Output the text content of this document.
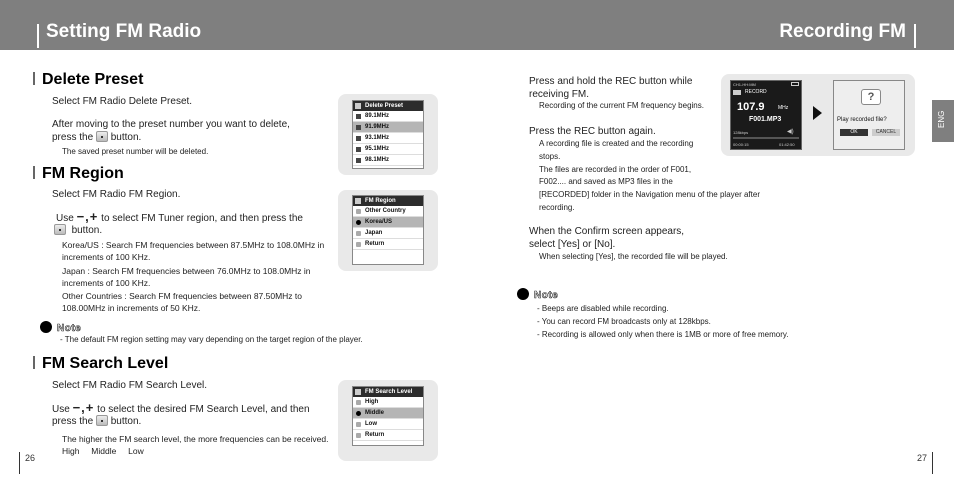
Setting FM Radio	Recording FM
Delete Preset
Select FM Radio Delete Preset.
After moving to the preset number you want to delete,
press the button.
The saved preset number will be deleted.
Delete Preset
89.1MHz
91.9MHz
93.1MHz
95.1MHz
98.1MHz
FM Region
Select FM Radio FM Region.
Use −,+ to select FM Tuner region, and then press the
button.
Korea/US : Search FM frequencies between 87.5MHz to 108.0MHz in
increments of 100 KHz.
Japan : Search FM frequencies between 76.0MHz to 108.0MHz in
increments of 100 KHz.
Other Countries : Search FM frequencies between 87.50MHz to
108.00MHz in increments of 50 KHz.
Note
- The default FM region setting may vary depending on the target region of the player.
FM Region
Other Country
Korea/US
Japan
Return
FM Search Level
Select FM Radio FM Search Level.
Use −,+ to select the desired FM Search Level, and then
press the button.
The higher the FM search level, the more frequencies can be received.
High     Middle     Low
FM Search Level
High
Middle
Low
Return
26
Press and hold the REC button while
receiving FM.
Recording of the current FM frequency begins.
Press the REC button again.
A recording file is created and the recording
stops.
The files are recorded in the order of F001,
F002.... and saved as MP3 files in the
[RECORDED] folder in the Navigation menu of the player after
recording.
When the Confirm screen appears,
select [Yes] or [No].
When selecting [Yes], the recorded file will be played.
Note
- Beeps are disabled while recording.
- You can record FM broadcasts only at 128kbps.
- Recording is allowed only when there is 1MB or more of free memory.
CH1-HH:MM
RECORD
107.9	MHz
F001.MP3
128kbps	◀)
00:00:15	01:42:50
?
Play recorded file?
OK	CANCEL
ENG
27
